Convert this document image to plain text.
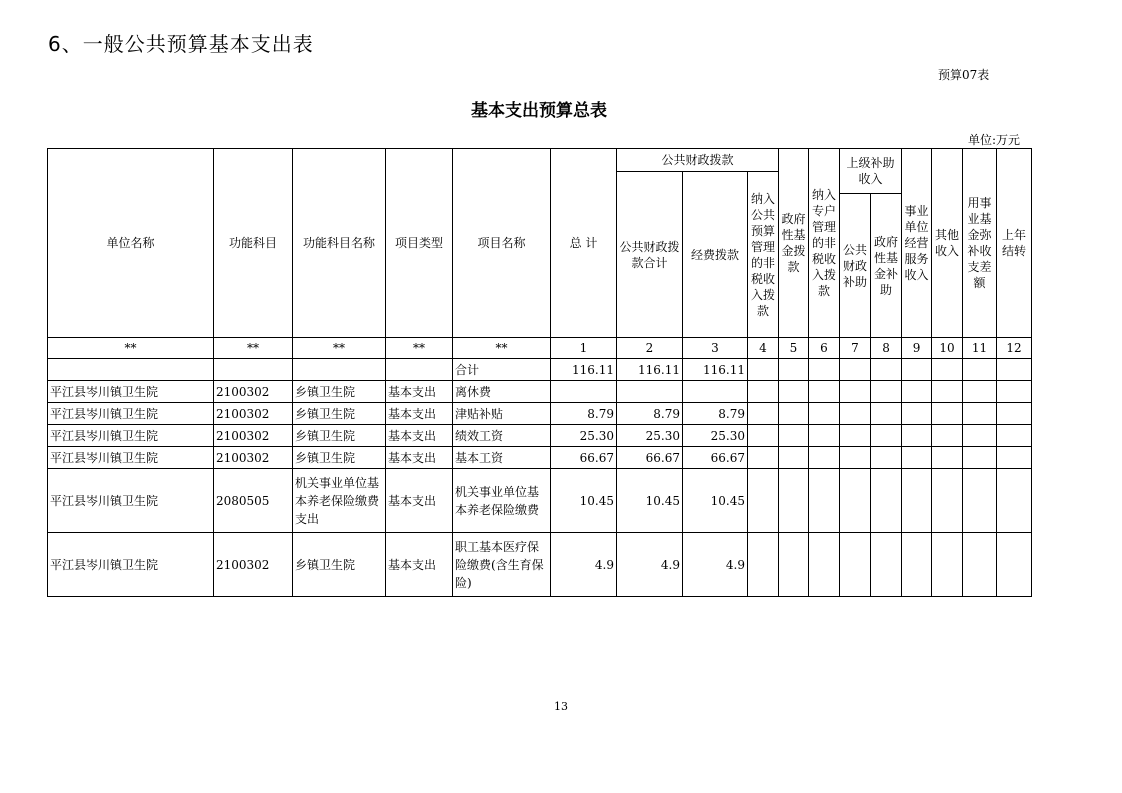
6、一般公共预算基本支出表
预算07表
基本支出预算总表
单位:万元
单位名称	功能科目	功能科目名称	项目类型	项目名称	总 计	公共财政拨款			政府性基金拨款	纳入专户管理的非税收入拨款	上级补助收入		事业单位经营服务收入	其他收入	用事业基金弥补收支差额	上年结转
						公共财政拨款合计	经费拨款	纳入公共预算管理的非税收入拨款								
											公共财政补助	政府性基金补助				
**	**	**	**	**	1	2	3	4	5	6	7	8	9	10	11	12
				合计	116.11	116.11	116.11									
平江县岑川镇卫生院	2100302	乡镇卫生院	基本支出	离休费												
平江县岑川镇卫生院	2100302	乡镇卫生院	基本支出	津贴补贴	8.79	8.79	8.79									
平江县岑川镇卫生院	2100302	乡镇卫生院	基本支出	绩效工资	25.30	25.30	25.30									
平江县岑川镇卫生院	2100302	乡镇卫生院	基本支出	基本工资	66.67	66.67	66.67									
平江县岑川镇卫生院	2080505	机关事业单位基本养老保险缴费支出	基本支出	机关事业单位基本养老保险缴费	10.45	10.45	10.45									
平江县岑川镇卫生院	2100302	乡镇卫生院	基本支出	职工基本医疗保险缴费(含生育保险)	4.9	4.9	4.9									
13
